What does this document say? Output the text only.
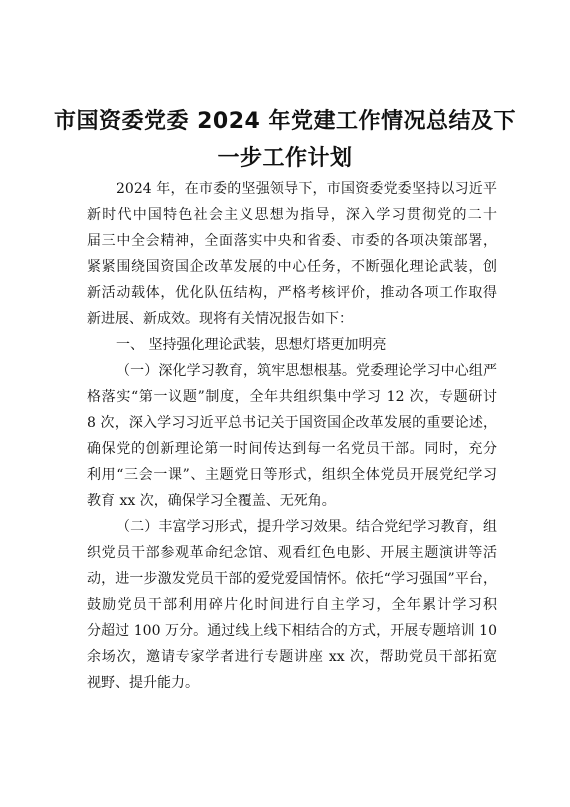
市国资委党委 2024 年党建工作情况总结及下
一步工作计划
2024 年，在市委的坚强领导下，市国资委党委坚持以习近平
新时代中国特色社会主义思想为指导，深入学习贯彻党的二十
届三中全会精神，全面落实中央和省委、市委的各项决策部署，
紧紧围绕国资国企改革发展的中心任务，不断强化理论武装，创
新活动载体，优化队伍结构，严格考核评价，推动各项工作取得
新进展、新成效。现将有关情况报告如下：
一、 坚持强化理论武装，思想灯塔更加明亮
（一）深化学习教育，筑牢思想根基。党委理论学习中心组严
格落实“第一议题”制度，全年共组织集中学习 12 次，专题研讨
8 次，深入学习习近平总书记关于国资国企改革发展的重要论述，
确保党的创新理论第一时间传达到每一名党员干部。同时，充分
利用“三会一课”、主题党日等形式，组织全体党员开展党纪学习
教育 xx 次，确保学习全覆盖、无死角。
（二）丰富学习形式，提升学习效果。结合党纪学习教育，组
织党员干部参观革命纪念馆、观看红色电影、开展主题演讲等活
动，进一步激发党员干部的爱党爱国情怀。依托“学习强国”平台，
鼓励党员干部利用碎片化时间进行自主学习，全年累计学习积
分超过 100 万分。通过线上线下相结合的方式，开展专题培训 10
余场次，邀请专家学者进行专题讲座 xx 次，帮助党员干部拓宽
视野、提升能力。
